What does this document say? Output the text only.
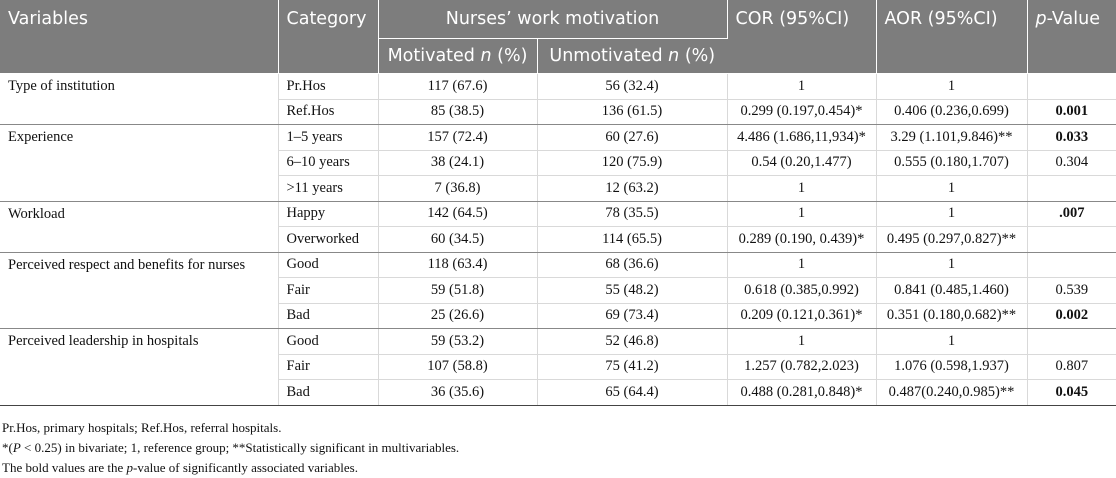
Variables	Category	Nurses’ work motivation		COR (95%CI)	AOR (95%CI)	p-Value
		Motivated n (%)	Unmotivated n (%)			
Type of institution	Pr.Hos	117 (67.6)	56 (32.4)	1	1	
	Ref.Hos	85 (38.5)	136 (61.5)	0.299 (0.197,0.454)*	0.406 (0.236,0.699)	0.001
Experience	1–5 years	157 (72.4)	60 (27.6)	4.486 (1.686,11,934)*	3.29 (1.101,9.846)**	0.033
	6–10 years	38 (24.1)	120 (75.9)	0.54 (0.20,1.477)	0.555 (0.180,1.707)	0.304
	>11 years	7 (36.8)	12 (63.2)	1	1	
Workload	Happy	142 (64.5)	78 (35.5)	1	1	.007
	Overworked	60 (34.5)	114 (65.5)	0.289 (0.190, 0.439)*	0.495 (0.297,0.827)**	
Perceived respect and benefits for nurses	Good	118 (63.4)	68 (36.6)	1	1	
	Fair	59 (51.8)	55 (48.2)	0.618 (0.385,0.992)	0.841 (0.485,1.460)	0.539
	Bad	25 (26.6)	69 (73.4)	0.209 (0.121,0.361)*	0.351 (0.180,0.682)**	0.002
Perceived leadership in hospitals	Good	59 (53.2)	52 (46.8)	1	1	
	Fair	107 (58.8)	75 (41.2)	1.257 (0.782,2.023)	1.076 (0.598,1.937)	0.807
	Bad	36 (35.6)	65 (64.4)	0.488 (0.281,0.848)*	0.487(0.240,0.985)**	0.045
Pr.Hos, primary hospitals; Ref.Hos, referral hospitals.
*(P < 0.25) in bivariate; 1, reference group; **Statistically significant in multivariables.
The bold values are the p-value of significantly associated variables.
